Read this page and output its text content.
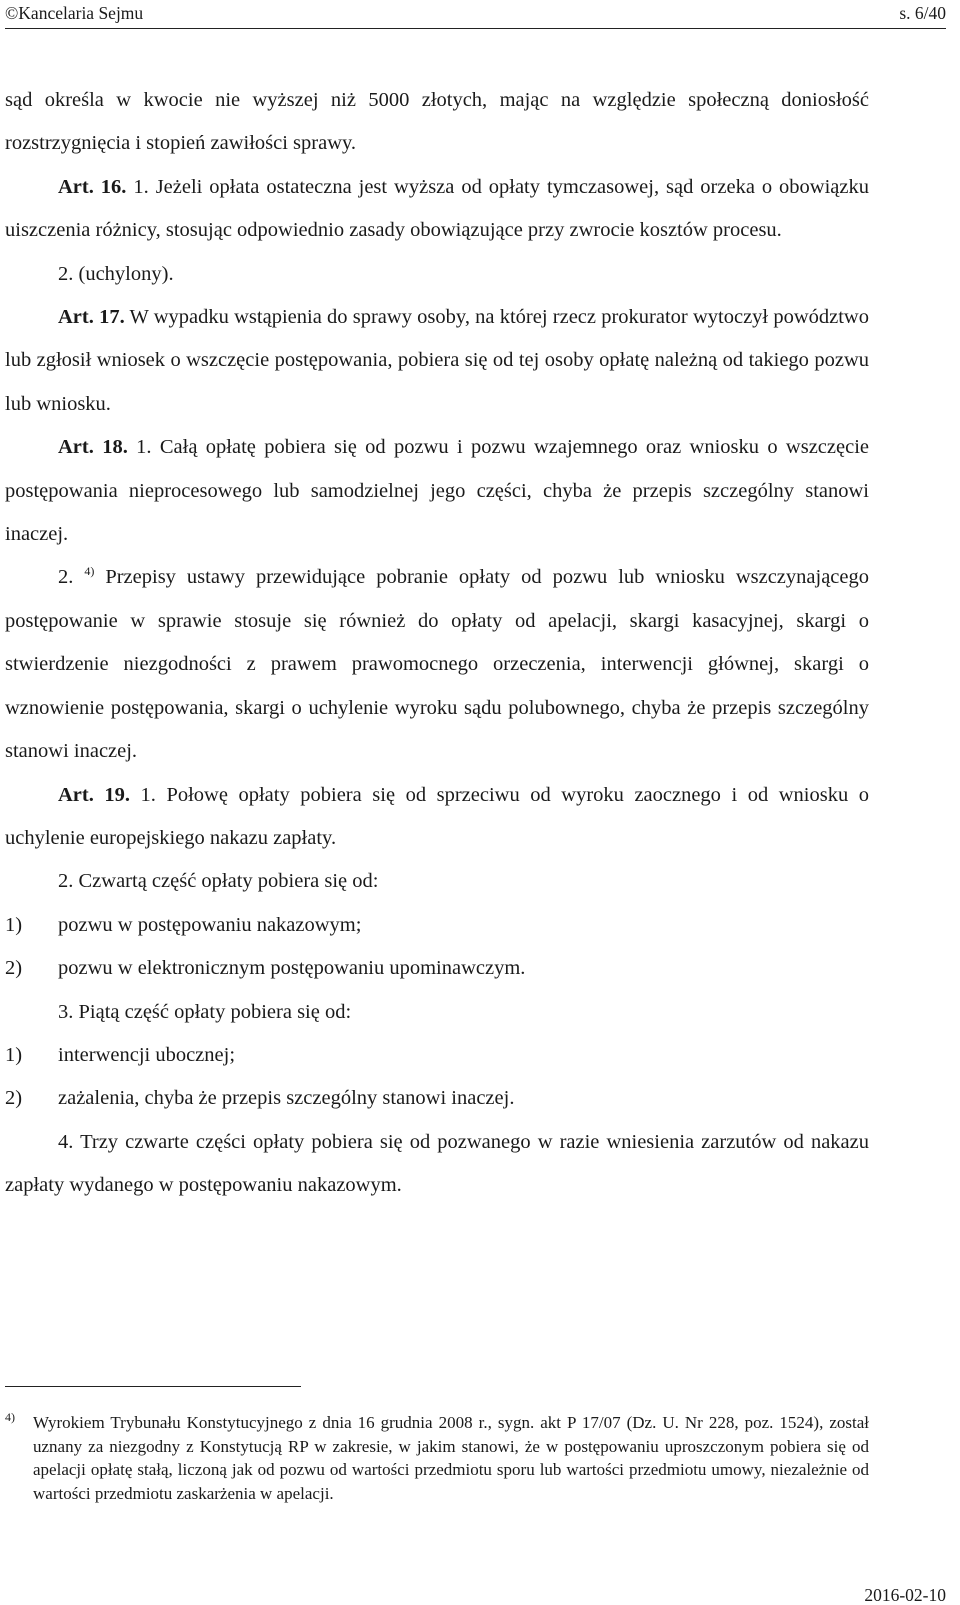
©Kancelaria Sejmu	s. 6/40

sąd określa w kwocie nie wyższej niż 5000 złotych, mając na względzie społeczną doniosłość rozstrzygnięcia i stopień zawiłości sprawy.

Art. 16. 1. Jeżeli opłata ostateczna jest wyższa od opłaty tymczasowej, sąd orzeka o obowiązku uiszczenia różnicy, stosując odpowiednio zasady obowiązujące przy zwrocie kosztów procesu.

2. (uchylony).

Art. 17. W wypadku wstąpienia do sprawy osoby, na której rzecz prokurator wytoczył powództwo lub zgłosił wniosek o wszczęcie postępowania, pobiera się od tej osoby opłatę należną od takiego pozwu lub wniosku.

Art. 18. 1. Całą opłatę pobiera się od pozwu i pozwu wzajemnego oraz wniosku o wszczęcie postępowania nieprocesowego lub samodzielnej jego części, chyba że przepis szczególny stanowi inaczej.

2. $^{4)}$ Przepisy ustawy przewidujące pobranie opłaty od pozwu lub wniosku wszczynającego postępowanie w sprawie stosuje się również do opłaty od apelacji, skargi kasacyjnej, skargi o stwierdzenie niezgodności z prawem prawomocnego orzeczenia, interwencji głównej, skargi o wznowienie postępowania, skargi o uchylenie wyroku sądu polubownego, chyba że przepis szczególny stanowi inaczej.

Art. 19. 1. Połowę opłaty pobiera się od sprzeciwu od wyroku zaocznego i od wniosku o uchylenie europejskiego nakazu zapłaty.

2. Czwartą część opłaty pobiera się od:

1) pozwu w postępowaniu nakazowym;

2) pozwu w elektronicznym postępowaniu upominawczym.

3. Piątą część opłaty pobiera się od:

1) interwencji ubocznej;

2) zażalenia, chyba że przepis szczególny stanowi inaczej.

4. Trzy czwarte części opłaty pobiera się od pozwanego w razie wniesienia zarzutów od nakazu zapłaty wydanego w postępowaniu nakazowym.

4) Wyrokiem Trybunału Konstytucyjnego z dnia 16 grudnia 2008 r., sygn. akt P 17/07 (Dz. U. Nr 228, poz. 1524), został uznany za niezgodny z Konstytucją RP w zakresie, w jakim stanowi, że w postępowaniu uproszczonym pobiera się od apelacji opłatę stałą, liczoną jak od pozwu od wartości przedmiotu sporu lub wartości przedmiotu umowy, niezależnie od wartości przedmiotu zaskarżenia w apelacji.
2016-02-10
